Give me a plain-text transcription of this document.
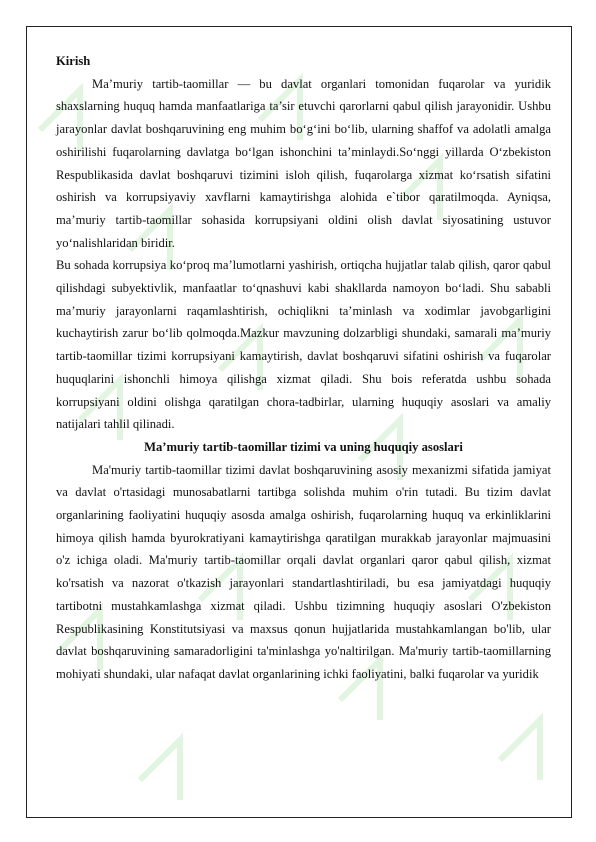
Kirish

Ma’muriy tartib-taomillar — bu davlat organlari tomonidan fuqarolar va yuridik shaxslarning huquq hamda manfaatlariga ta’sir etuvchi qarorlarni qabul qilish jarayonidir. Ushbu jarayonlar davlat boshqaruvining eng muhim bo‘g‘ini bo‘lib, ularning shaffof va adolatli amalga oshirilishi fuqarolarning davlatga bo‘lgan ishonchini ta’minlaydi.So‘nggi yillarda O‘zbekiston Respublikasida davlat boshqaruvi tizimini isloh qilish, fuqarolarga xizmat ko‘rsatish sifatini oshirish va korrupsiyaviy xavflarni kamaytirishga alohida e`tibor qaratilmoqda. Ayniqsa, ma’muriy tartib-taomillar sohasida korrupsiyani oldini olish davlat siyosatining ustuvor yo‘nalishlaridan biridir.

Bu sohada korrupsiya ko‘proq ma’lumotlarni yashirish, ortiqcha hujjatlar talab qilish, qaror qabul qilishdagi subyektivlik, manfaatlar to‘qnashuvi kabi shakllarda namoyon bo‘ladi. Shu sababli ma’muriy jarayonlarni raqamlashtirish, ochiqlikni ta’minlash va xodimlar javobgarligini kuchaytirish zarur bo‘lib qolmoqda.Mazkur mavzuning dolzarbligi shundaki, samarali ma’muriy tartib-taomillar tizimi korrupsiyani kamaytirish, davlat boshqaruvi sifatini oshirish va fuqarolar huquqlarini ishonchli himoya qilishga xizmat qiladi. Shu bois referatda ushbu sohada korrupsiyani oldini olishga qaratilgan chora-tadbirlar, ularning huquqiy asoslari va amaliy natijalari tahlil qilinadi.

Ma’muriy tartib-taomillar tizimi va uning huquqiy asoslari

Ma'muriy tartib-taomillar tizimi davlat boshqaruvining asosiy mexanizmi sifatida jamiyat va davlat o'rtasidagi munosabatlarni tartibga solishda muhim o'rin tutadi. Bu tizim davlat organlarining faoliyatini huquqiy asosda amalga oshirish, fuqarolarning huquq va erkinliklarini himoya qilish hamda byurokratiyani kamaytirishga qaratilgan murakkab jarayonlar majmuasini o'z ichiga oladi. Ma'muriy tartib-taomillar orqali davlat organlari qaror qabul qilish, xizmat ko'rsatish va nazorat o'tkazish jarayonlari standartlashtiriladi, bu esa jamiyatdagi huquqiy tartibotni mustahkamlashga xizmat qiladi. Ushbu tizimning huquqiy asoslari O'zbekiston Respublikasining Konstitutsiyasi va maxsus qonun hujjatlarida mustahkamlangan bo'lib, ular davlat boshqaruvining samaradorligini ta'minlashga yo'naltirilgan. Ma'muriy tartib-taomillarning mohiyati shundaki, ular nafaqat davlat organlarining ichki faoliyatini, balki fuqarolar va yuridik
